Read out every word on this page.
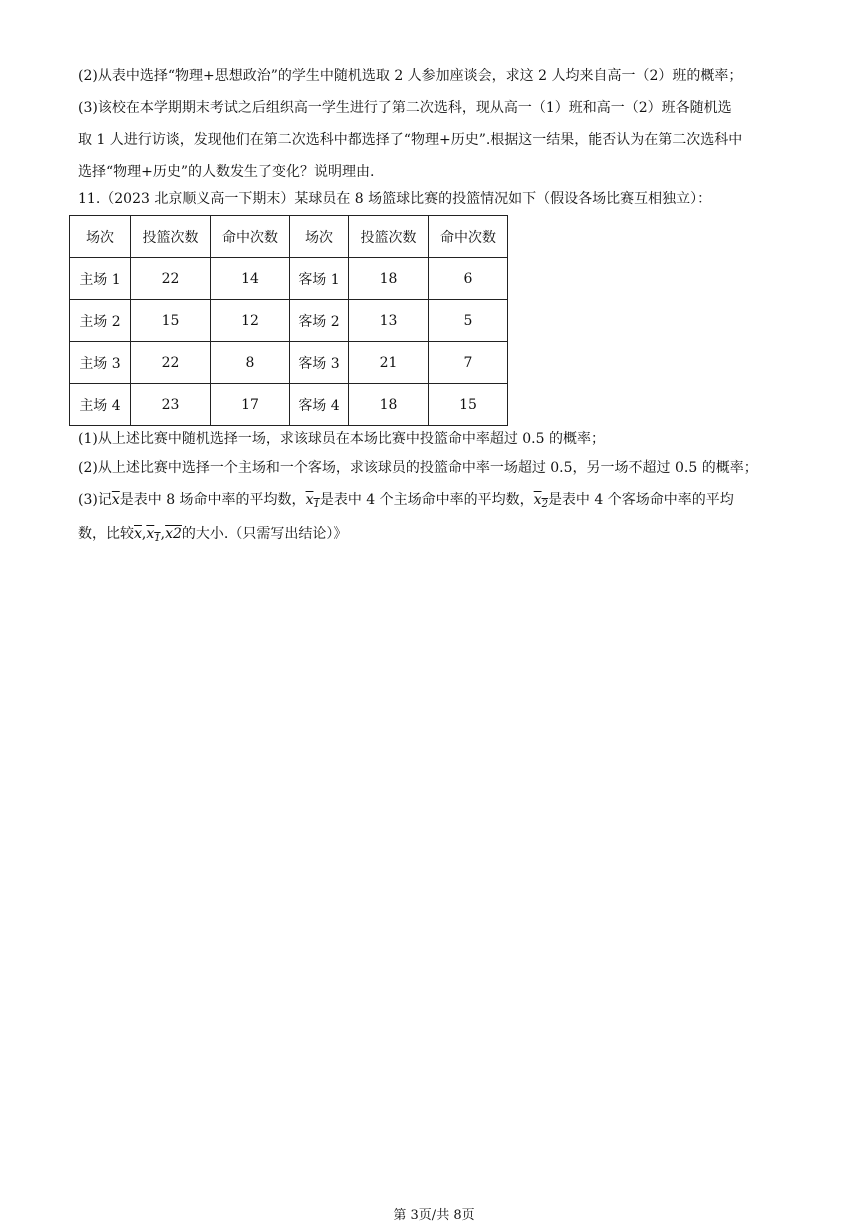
(2)从表中选择“物理+思想政治”的学生中随机选取 2 人参加座谈会，求这 2 人均来自高一（2）班的概率；
(3)该校在本学期期末考试之后组织高一学生进行了第二次选科，现从高一（1）班和高一（2）班各随机选
取 1 人进行访谈，发现他们在第二次选科中都选择了“物理+历史”.根据这一结果，能否认为在第二次选科中
选择“物理+历史”的人数发生了变化？说明理由.
11.（2023 北京顺义高一下期末）某球员在 8 场篮球比赛的投篮情况如下（假设各场比赛互相独立）：
场次	投篮次数	命中次数	场次	投篮次数	命中次数
主场 1	22	14	客场 1	18	6
主场 2	15	12	客场 2	13	5
主场 3	22	8	客场 3	21	7
主场 4	23	17	客场 4	18	15
(1)从上述比赛中随机选择一场，求该球员在本场比赛中投篮命中率超过 0.5 的概率；
(2)从上述比赛中选择一个主场和一个客场，求该球员的投篮命中率一场超过 0.5，另一场不超过 0.5 的概率；
(3)记$\overline{x}$是表中 8 场命中率的平均数，$x_1$是表中 4 个主场命中率的平均数，$x_2$是表中 4 个客场命中率的平均
数，比较$\overline{x},x_1,x2$的大小.（只需写出结论）》
第 3页/共 8页
